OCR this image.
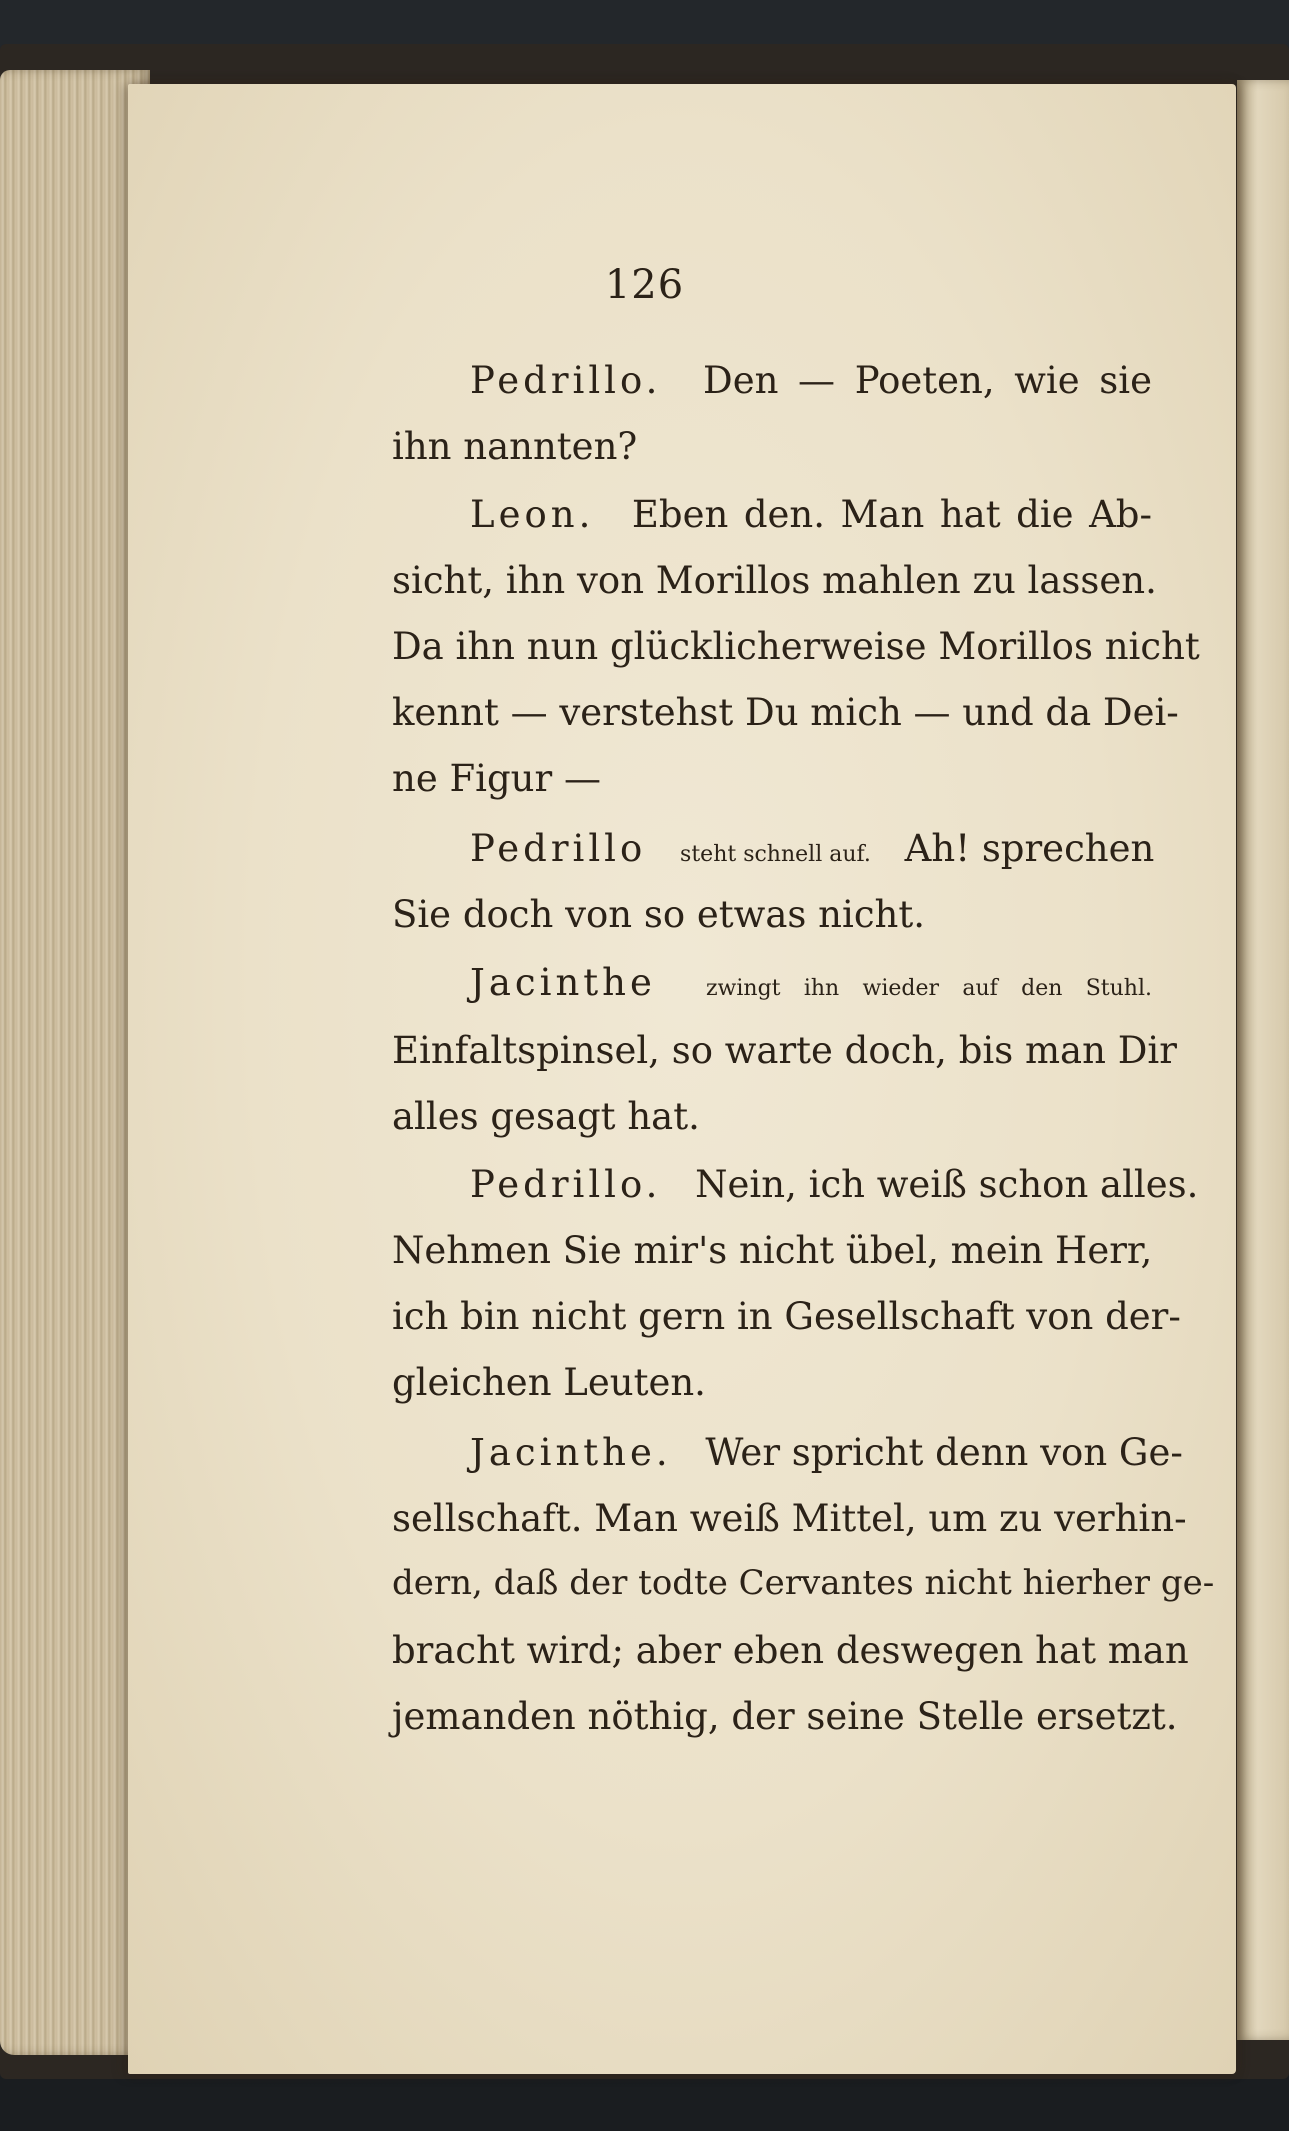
126
Pedrillo. Den — Poeten, wie sie
ihn nannten?
Leon. Eben den. Man hat die Ab-
sicht, ihn von Morillos mahlen zu lassen.
Da ihn nun glücklicherweise Morillos nicht
kennt — verstehst Du mich — und da Dei-
ne Figur —
Pedrillo steht schnell auf. Ah! sprechen
Sie doch von so etwas nicht.
Jacinthe zwingt ihn wieder auf den Stuhl.
Einfaltspinsel, so warte doch, bis man Dir
alles gesagt hat.
Pedrillo. Nein, ich weiß schon alles.
Nehmen Sie mir's nicht übel, mein Herr,
ich bin nicht gern in Gesellschaft von der-
gleichen Leuten.
Jacinthe. Wer spricht denn von Ge-
sellschaft. Man weiß Mittel, um zu verhin-
dern, daß der todte Cervantes nicht hierher ge-
bracht wird; aber eben deswegen hat man
jemanden nöthig, der seine Stelle ersetzt.
